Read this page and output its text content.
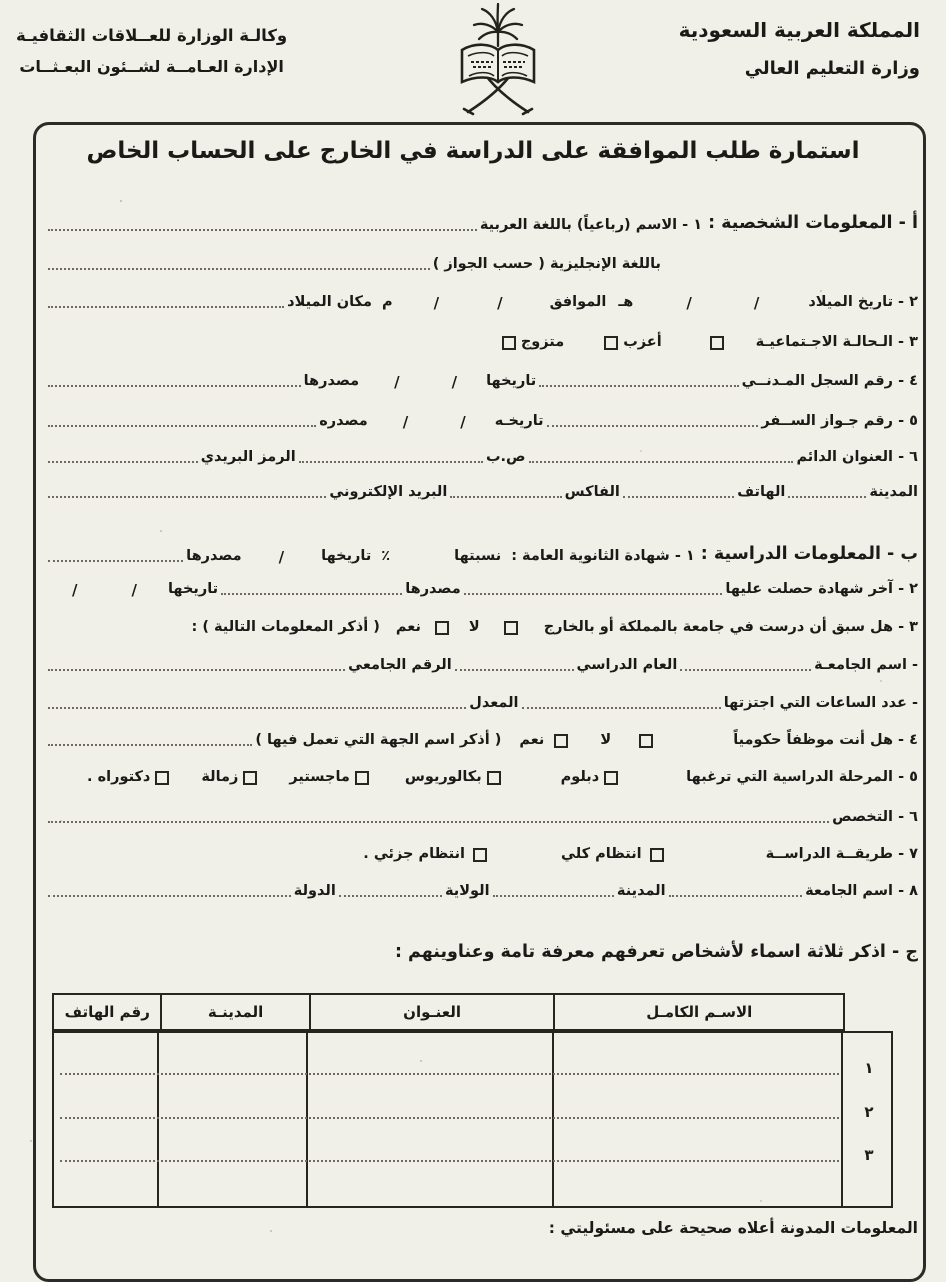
المملكة العربية السعودية
وزارة التعليم العالي
وكالـة الوزارة للعــلاقات الثقافيـة
الإدارة العـامــة لشــئون البعـثــات
استمارة طلب الموافقة على الدراسة في الخارج على الحساب الخاص
أ - المعلومات الشخصية :
١ - الاسم (رباعياً) باللغة العربية
باللغة الإنجليزية ( حسب الجواز )
٢ - تاريخ الميلاد
/
/
هـ
الموافق
/
/
م
مكان الميلاد
٣ - الـحالـة الاجـتماعيـة
أعزب
متزوج
٤ - رقم السجل المـدنــي
تاريخها
/
/
مصدرها
٥ - رقم جـواز الســفر
تاريخـه
/
/
مصدره
٦ - العنوان الدائم
ص.ب
الرمز البريدي
المدينة
الهاتف
الفاكس
البريد الإلكتروني
ب - المعلومات الدراسية :
١ - شهادة الثانوية العامة :
نسبتها
٪
تاريخها
/
مصدرها
٢ - آخر شهادة حصلت عليها
مصدرها
تاريخها
/
/
٣ - هل سبق أن درست في جامعة بالمملكة أو بالخارج
لا
نعم
( أذكر المعلومات التالية ) :
- اسم الجامعـة
العام الدراسي
الرقم الجامعي
- عدد الساعات التي اجتزتها
المعدل
٤ - هل أنت موظفاً حكومياً
لا
نعم
( أذكر اسم الجهة التي تعمل فيها )
٥ - المرحلة الدراسية التي ترغبها
دبلوم
بكالوريوس
ماجستير
زمالة
دكتوراه .
٦ - التخصص
٧ - طريقــة الدراســة
انتظام كلي
انتظام جزئي .
٨ - اسم الجامعة
المدينة
الولاية
الدولة
ج - اذكر ثلاثة اسماء لأشخاص تعرفهم معرفة تامة وعناوينهم :
الاسـم الكامـل
العنـوان
المدينـة
رقم الهاتف
١
٢
٣
المعلومات المدونة أعلاه صحيحة على مسئوليتي :
